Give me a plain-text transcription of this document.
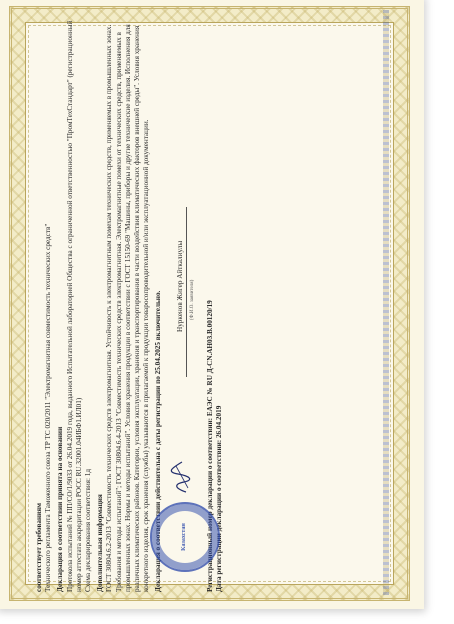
соответствует требованиям Технического регламента Таможенного союза ТР ТС 020/2011 "Электромагнитная совместимость технических средств" Декларация о соответствии принята на основании Протокола испытаний № ПП/СО/1/9033 от 26.04.2019 года, выданного Испытательной лабораторией Общества с ограниченной ответственностью "ПромТехСтандарт" (регистрационный номер аттестата аккредитации РОСС RU.32001.04ИБФ1.ИЛ01) Схема декларирования соответствия: 1д Дополнительная информация ГОСТ 30804.6.2-2013 "Совместимость технических средств электромагнитная. Устойчивость к электромагнитным помехам технических средств, применяемых в промышленных зонах. Требования и методы испытаний"; ГОСТ 30804.6.4-2013 "Совместимость технических средств электромагнитная. Электромагнитные помехи от технических средств, применяемых в промышленных зонах. Нормы и методы испытаний". Условия хранения продукции в соответствии с ГОСТ 15150-69 "Машины, приборы и другие технические изделия. Исполнения для различных климатических районов. Категории, условия эксплуатации, хранения и транспортирования в части воздействия климатических факторов внешней среды". Условия хранения конкретного изделия, срок хранения (службы) указываются в прилагаемой к продукции товаросопроводительной и/или эксплуатационной документации. Декларация о соответствии действительна с даты регистрации по 25.04.2025 включительно.	Казахстан
Нуркенов Жигер Айткалиулы	(Ф.И.О. заявителя)

Регистрационный номер декларации о соответствии: ЕАЭС № RU Д-CN.АН03.В.00120/19

Дата регистрации декларации о соответствии: 26.04.2019
